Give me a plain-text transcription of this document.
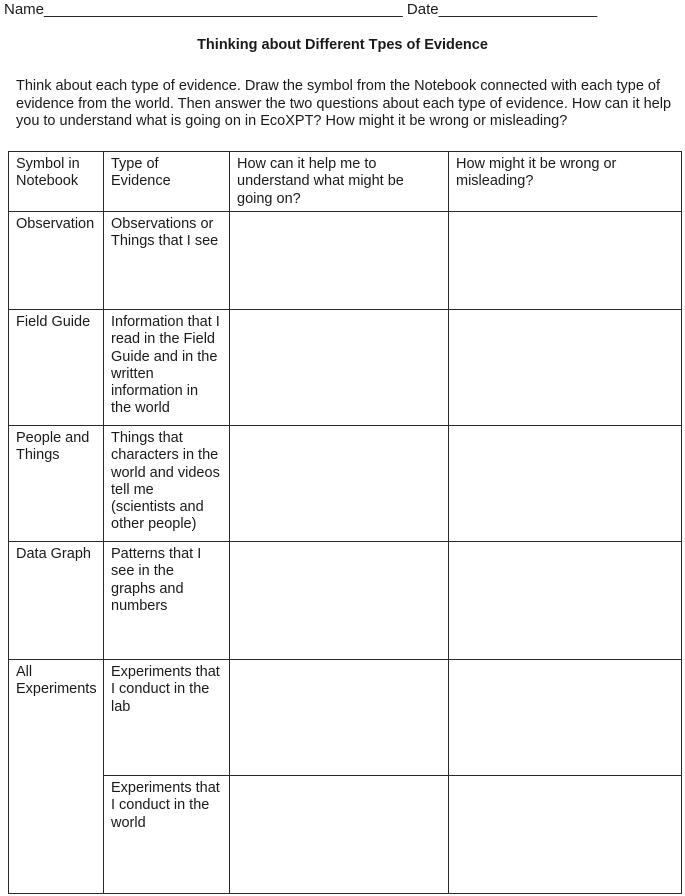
Name___________________________________________ Date___________________
Thinking about Different Tpes of Evidence
Think about each type of evidence. Draw the symbol from the Notebook connected with each type of evidence from the world. Then answer the two questions about each type of evidence. How can it help you to understand what is going on in EcoXPT? How might it be wrong or misleading?
Symbol in Notebook	Type of Evidence	How can it help me to understand what might be going on?	How might it be wrong or misleading?
Observation	Observations or Things that I see		
Field Guide	Information that I read in the Field Guide and in the written information in the world		
People and Things	Things that characters in the world and videos tell me (scientists and other people)		
Data Graph	Patterns that I see in the graphs and numbers		
All Experiments	Experiments that I conduct in the lab		
	Experiments that I conduct in the world		
